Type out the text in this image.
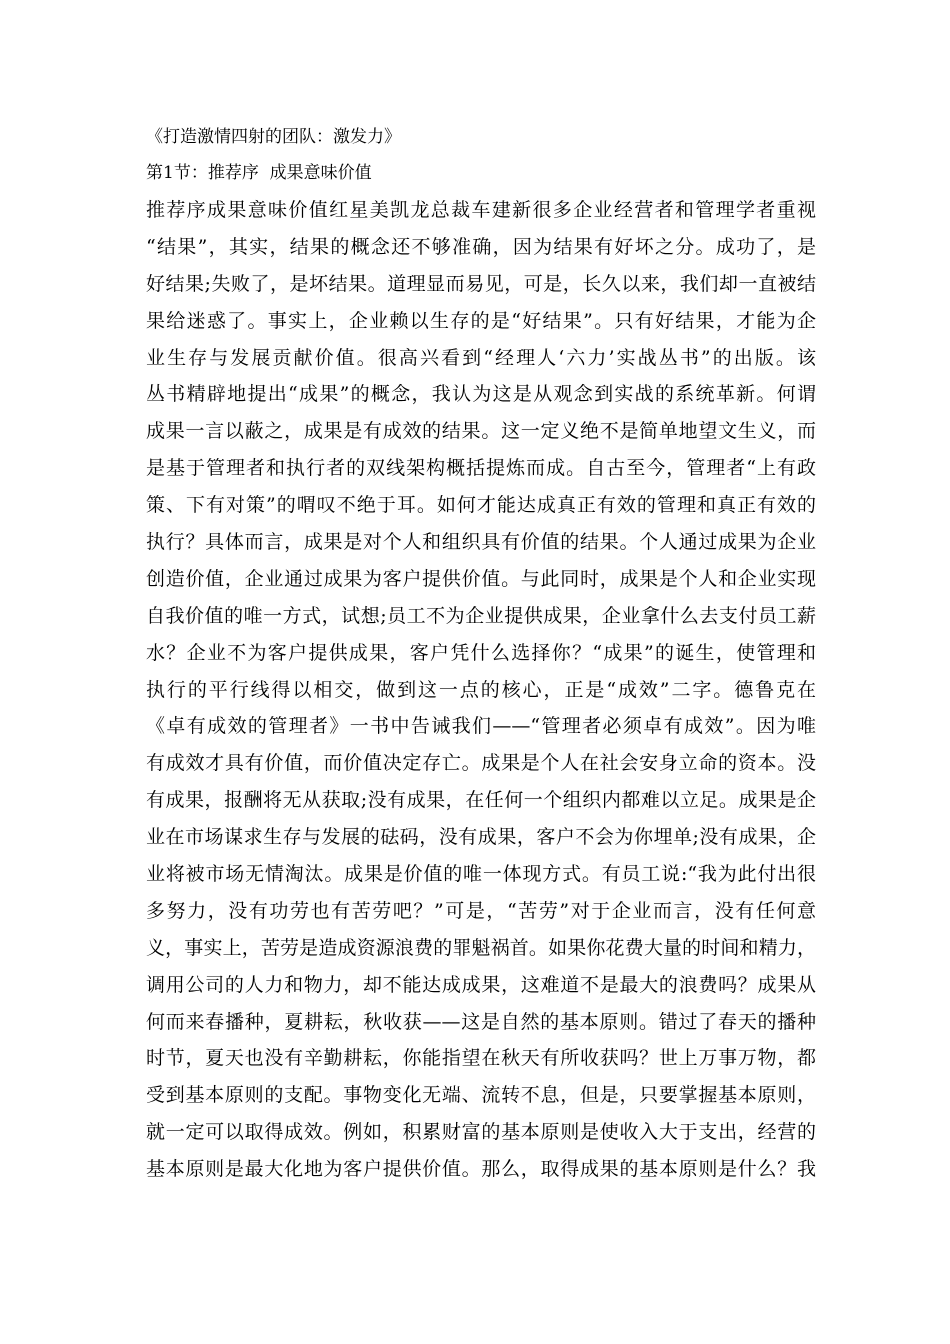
《打造激情四射的团队：激发力》
第1节：推荐序  成果意味价值
推荐序成果意味价值红星美凯龙总裁车建新很多企业经营者和管理学者重视
“结果”，其实，结果的概念还不够准确，因为结果有好坏之分。成功了，是
好结果;失败了，是坏结果。道理显而易见，可是，长久以来，我们却一直被结
果给迷惑了。事实上，企业赖以生存的是“好结果”。只有好结果，才能为企
业生存与发展贡献价值。很高兴看到“经理人‘六力’实战丛书”的出版。该
丛书精辟地提出“成果”的概念，我认为这是从观念到实战的系统革新。何谓
成果一言以蔽之，成果是有成效的结果。这一定义绝不是简单地望文生义，而
是基于管理者和执行者的双线架构概括提炼而成。自古至今，管理者“上有政
策、下有对策”的喟叹不绝于耳。如何才能达成真正有效的管理和真正有效的
执行？具体而言，成果是对个人和组织具有价值的结果。个人通过成果为企业
创造价值，企业通过成果为客户提供价值。与此同时，成果是个人和企业实现
自我价值的唯一方式，试想;员工不为企业提供成果，企业拿什么去支付员工薪
水？企业不为客户提供成果，客户凭什么选择你？“成果”的诞生，使管理和
执行的平行线得以相交，做到这一点的核心，正是“成效”二字。德鲁克在
《卓有成效的管理者》一书中告诫我们——“管理者必须卓有成效”。因为唯
有成效才具有价值，而价值决定存亡。成果是个人在社会安身立命的资本。没
有成果，报酬将无从获取;没有成果，在任何一个组织内都难以立足。成果是企
业在市场谋求生存与发展的砝码，没有成果，客户不会为你埋单;没有成果，企
业将被市场无情淘汰。成果是价值的唯一体现方式。有员工说:“我为此付出很
多努力，没有功劳也有苦劳吧？”可是，“苦劳”对于企业而言，没有任何意
义，事实上，苦劳是造成资源浪费的罪魁祸首。如果你花费大量的时间和精力，
调用公司的人力和物力，却不能达成成果，这难道不是最大的浪费吗？成果从
何而来春播种，夏耕耘，秋收获——这是自然的基本原则。错过了春天的播种
时节，夏天也没有辛勤耕耘，你能指望在秋天有所收获吗？世上万事万物，都
受到基本原则的支配。事物变化无端、流转不息，但是，只要掌握基本原则，
就一定可以取得成效。例如，积累财富的基本原则是使收入大于支出，经营的
基本原则是最大化地为客户提供价值。那么，取得成果的基本原则是什么？我
